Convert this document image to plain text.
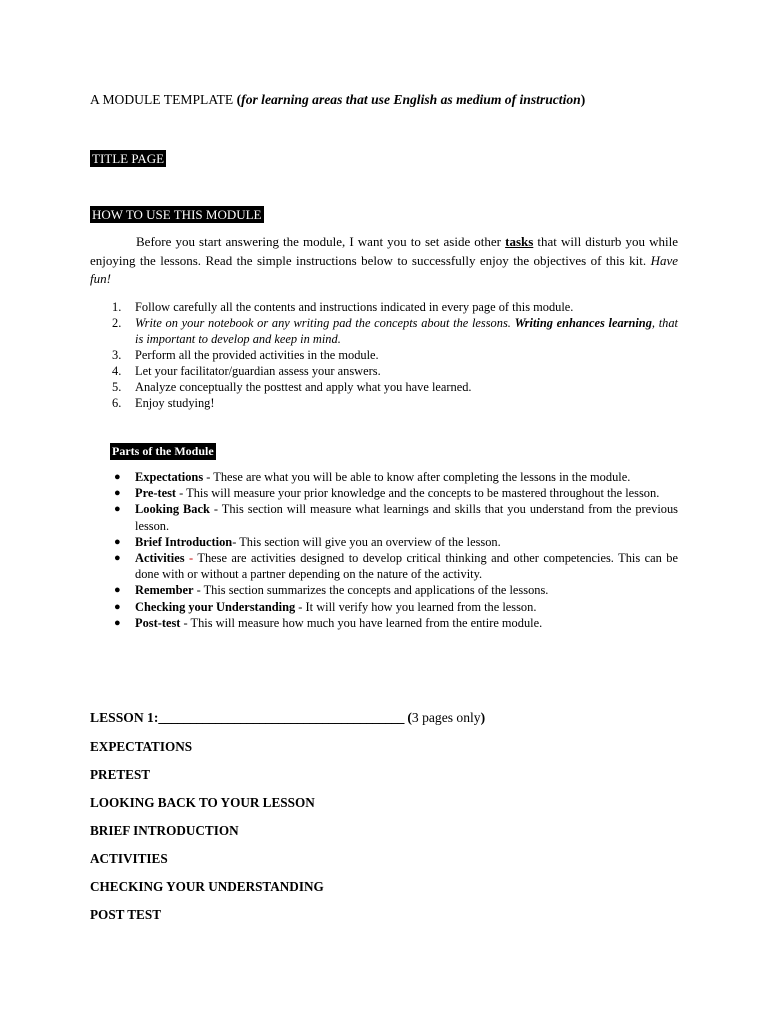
A MODULE TEMPLATE (for learning areas that use English as medium of instruction)
TITLE PAGE
HOW TO USE THIS MODULE
Before you start answering the module, I want you to set aside other tasks that will disturb you while enjoying the lessons. Read the simple instructions below to successfully enjoy the objectives of this kit. Have fun!
1. Follow carefully all the contents and instructions indicated in every page of this module.
2. Write on your notebook or any writing pad the concepts about the lessons. Writing enhances learning, that is important to develop and keep in mind.
3. Perform all the provided activities in the module.
4. Let your facilitator/guardian assess your answers.
5. Analyze conceptually the posttest and apply what you have learned.
6. Enjoy studying!
Parts of the Module
● Expectations - These are what you will be able to know after completing the lessons in the module.
● Pre-test - This will measure your prior knowledge and the concepts to be mastered throughout the lesson.
● Looking Back - This section will measure what learnings and skills that you understand from the previous lesson.
● Brief Introduction- This section will give you an overview of the lesson.
● Activities - These are activities designed to develop critical thinking and other competencies. This can be done with or without a partner depending on the nature of the activity.
● Remember - This section summarizes the concepts and applications of the lessons.
● Checking your Understanding - It will verify how you learned from the lesson.
● Post-test - This will measure how much you have learned from the entire module.
LESSON 1:_______________________________________ (3 pages only)
EXPECTATIONS
PRETEST
LOOKING BACK TO YOUR LESSON
BRIEF INTRODUCTION
ACTIVITIES
CHECKING YOUR UNDERSTANDING
POST TEST
